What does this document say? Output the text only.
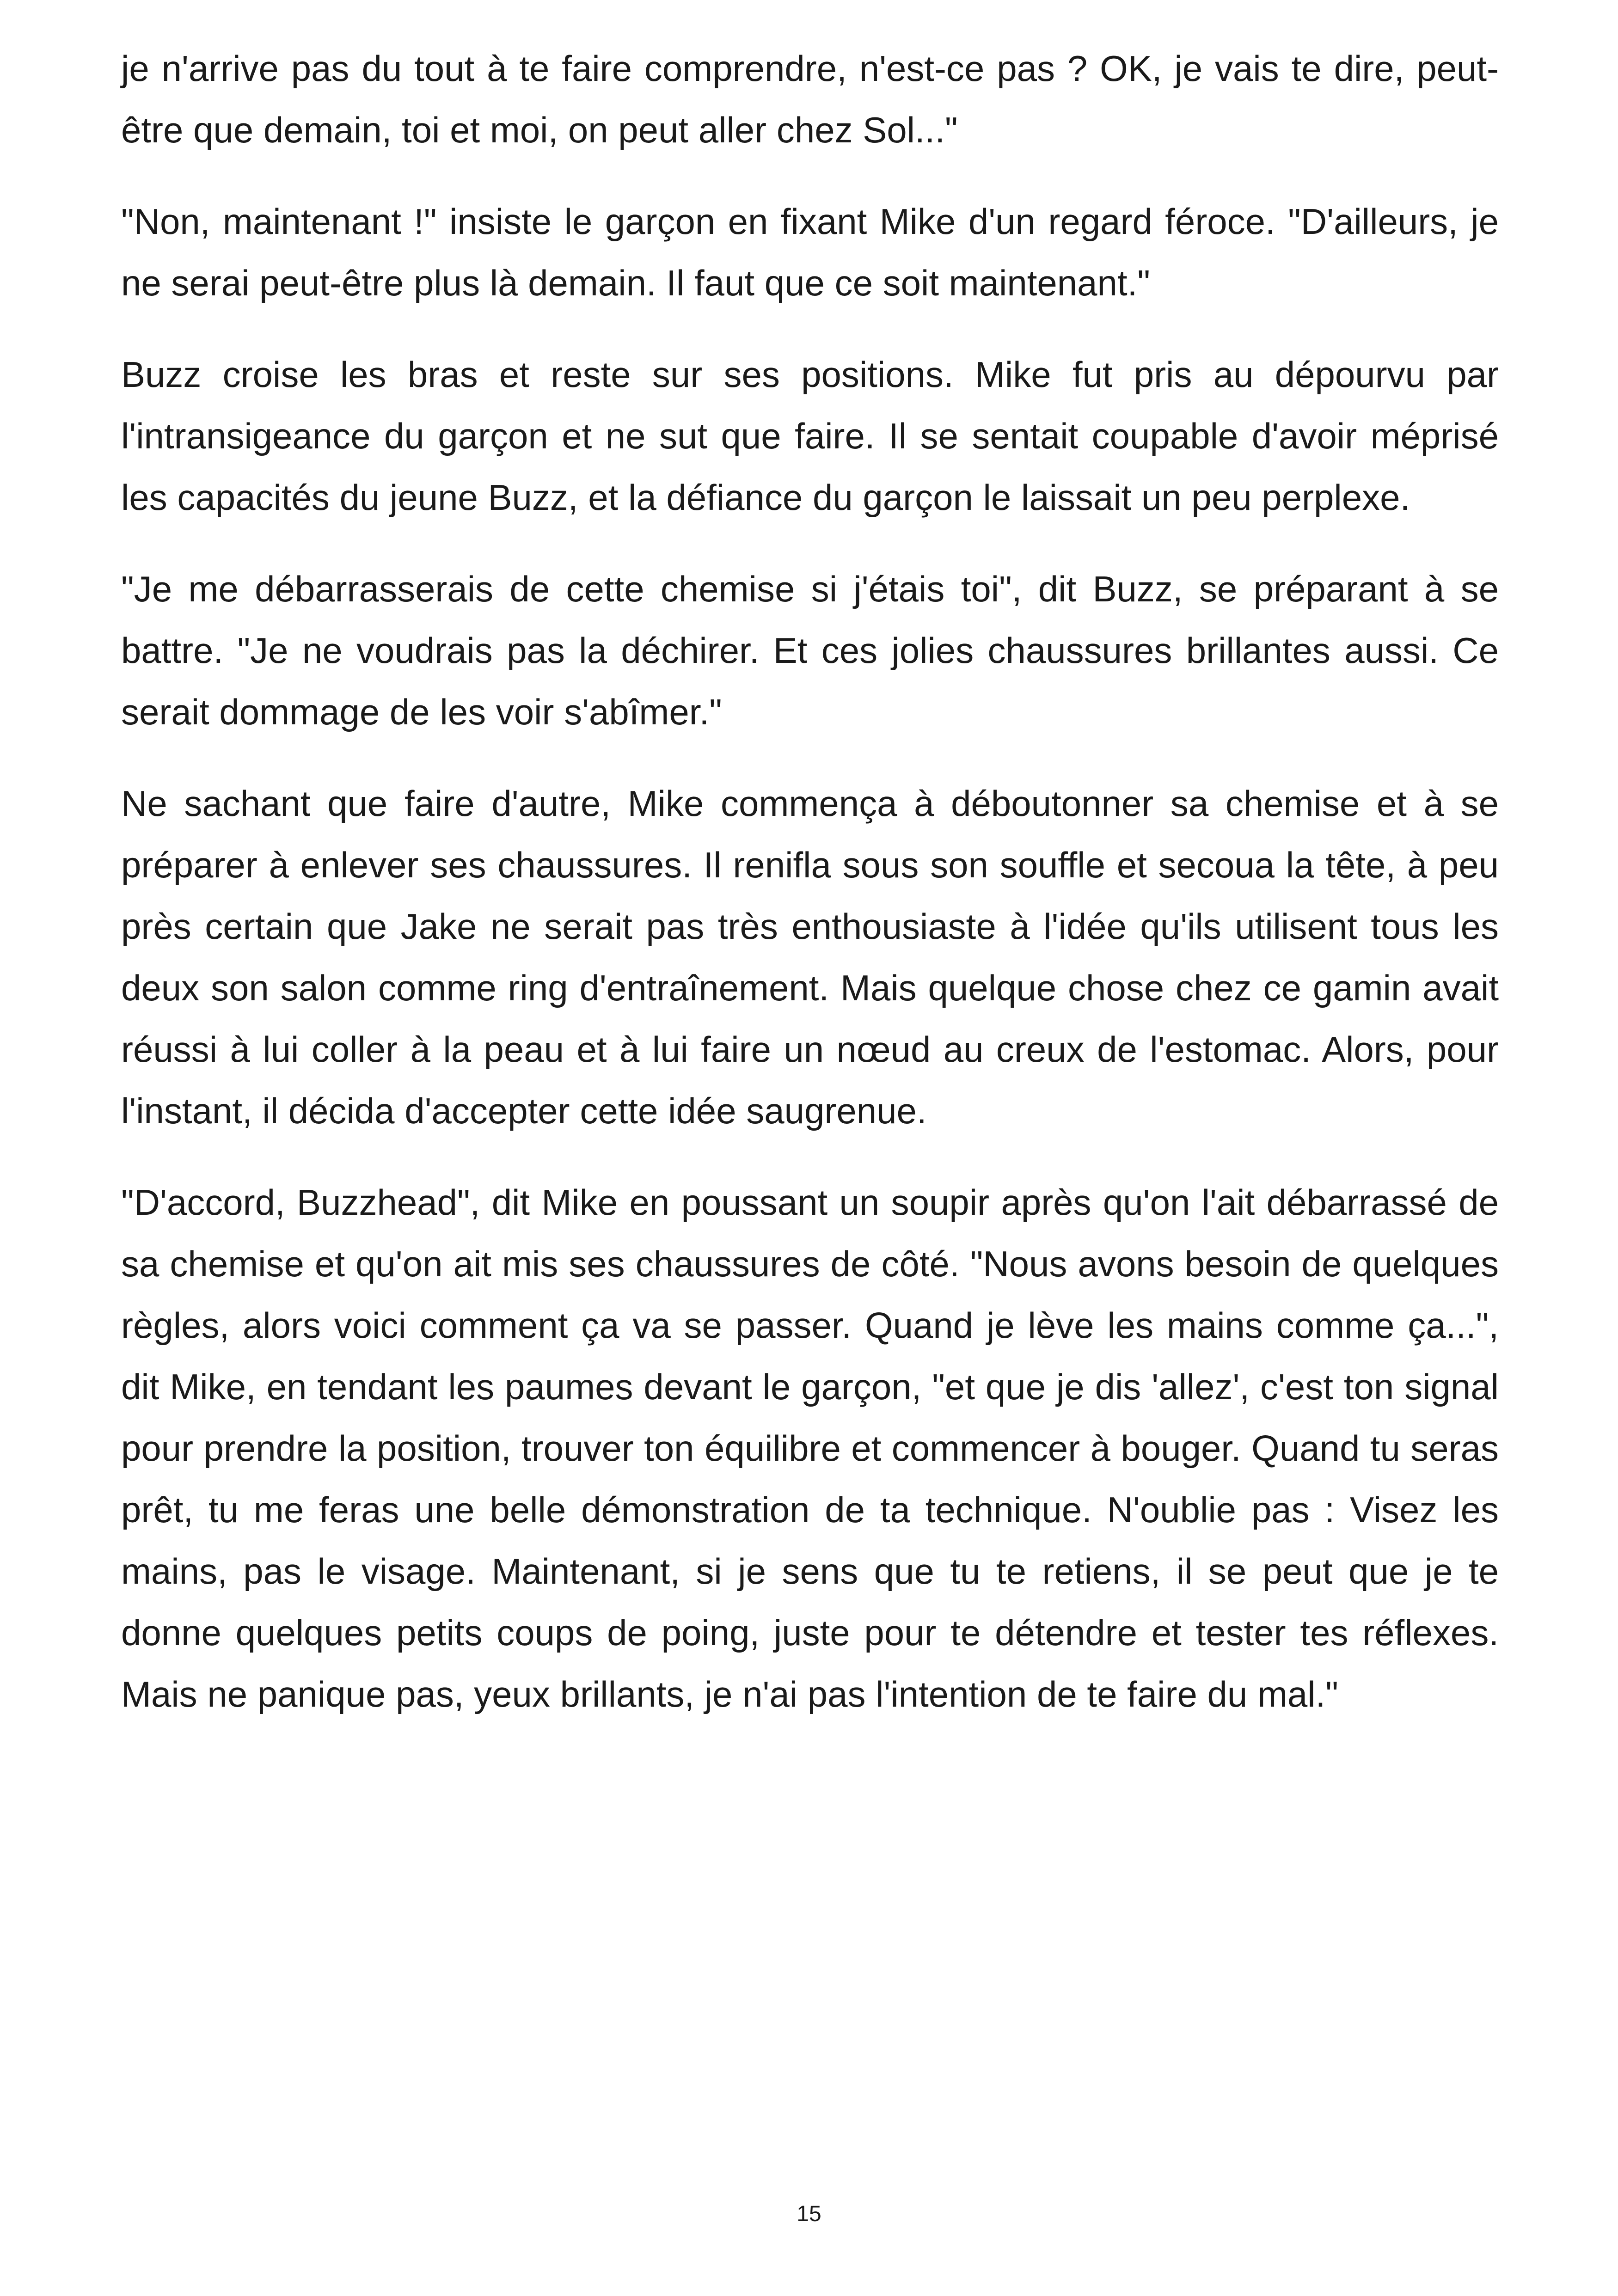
je n'arrive pas du tout à te faire comprendre, n'est-ce pas ? OK, je vais te dire, peut-être que demain, toi et moi, on peut aller chez Sol..."

"Non, maintenant !" insiste le garçon en fixant Mike d'un regard féroce. "D'ailleurs, je ne serai peut-être plus là demain. Il faut que ce soit maintenant."

Buzz croise les bras et reste sur ses positions. Mike fut pris au dépourvu par l'intransigeance du garçon et ne sut que faire. Il se sentait coupable d'avoir méprisé les capacités du jeune Buzz, et la défiance du garçon le laissait un peu perplexe.

"Je me débarrasserais de cette chemise si j'étais toi", dit Buzz, se préparant à se battre. "Je ne voudrais pas la déchirer. Et ces jolies chaussures brillantes aussi. Ce serait dommage de les voir s'abîmer."

Ne sachant que faire d'autre, Mike commença à déboutonner sa chemise et à se préparer à enlever ses chaussures. Il renifla sous son souffle et secoua la tête, à peu près certain que Jake ne serait pas très enthousiaste à l'idée qu'ils utilisent tous les deux son salon comme ring d'entraînement. Mais quelque chose chez ce gamin avait réussi à lui coller à la peau et à lui faire un nœud au creux de l'estomac. Alors, pour l'instant, il décida d'accepter cette idée saugrenue.

"D'accord, Buzzhead", dit Mike en poussant un soupir après qu'on l'ait débarrassé de sa chemise et qu'on ait mis ses chaussures de côté. "Nous avons besoin de quelques règles, alors voici comment ça va se passer. Quand je lève les mains comme ça...", dit Mike, en tendant les paumes devant le garçon, "et que je dis 'allez', c'est ton signal pour prendre la position, trouver ton équilibre et commencer à bouger. Quand tu seras prêt, tu me feras une belle démonstration de ta technique. N'oublie pas : Visez les mains, pas le visage. Maintenant, si je sens que tu te retiens, il se peut que je te donne quelques petits coups de poing, juste pour te détendre et tester tes réflexes. Mais ne panique pas, yeux brillants, je n'ai pas l'intention de te faire du mal."

15
